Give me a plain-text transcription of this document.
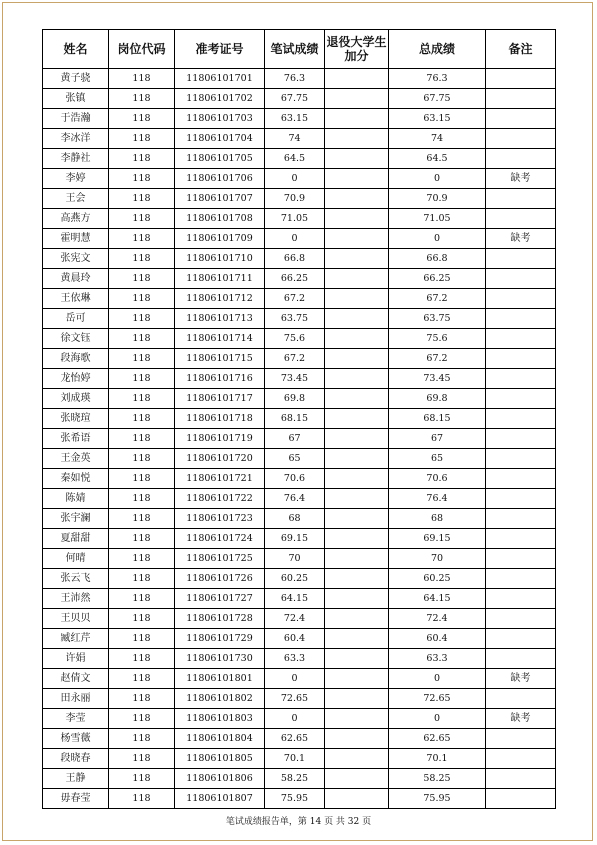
姓名	岗位代码	准考证号	笔试成绩	退役大学生加分	总成绩	备注
黄子骁	118	11806101701	76.3		76.3	
张镇	118	11806101702	67.75		67.75	
于浩瀚	118	11806101703	63.15		63.15	
李冰洋	118	11806101704	74		74	
李静社	118	11806101705	64.5		64.5	
李婷	118	11806101706	0		0	缺考
王会	118	11806101707	70.9		70.9	
高燕方	118	11806101708	71.05		71.05	
霍明慧	118	11806101709	0		0	缺考
张宪文	118	11806101710	66.8		66.8	
黄晨玲	118	11806101711	66.25		66.25	
王依琳	118	11806101712	67.2		67.2	
岳可	118	11806101713	63.75		63.75	
徐文钰	118	11806101714	75.6		75.6	
段海歌	118	11806101715	67.2		67.2	
龙怡婷	118	11806101716	73.45		73.45	
刘成瑛	118	11806101717	69.8		69.8	
张晓瑄	118	11806101718	68.15		68.15	
张希语	118	11806101719	67		67	
王金英	118	11806101720	65		65	
秦如悦	118	11806101721	70.6		70.6	
陈婧	118	11806101722	76.4		76.4	
张宇澜	118	11806101723	68		68	
夏甜甜	118	11806101724	69.15		69.15	
何晴	118	11806101725	70		70	
张云飞	118	11806101726	60.25		60.25	
王沛然	118	11806101727	64.15		64.15	
王贝贝	118	11806101728	72.4		72.4	
臧红芹	118	11806101729	60.4		60.4	
许娟	118	11806101730	63.3		63.3	
赵倩文	118	11806101801	0		0	缺考
田永丽	118	11806101802	72.65		72.65	
李莹	118	11806101803	0		0	缺考
杨雪薇	118	11806101804	62.65		62.65	
段晓春	118	11806101805	70.1		70.1	
王静	118	11806101806	58.25		58.25	
毋春莹	118	11806101807	75.95		75.95	
笔试成绩报告单，第 14 页 共 32 页
